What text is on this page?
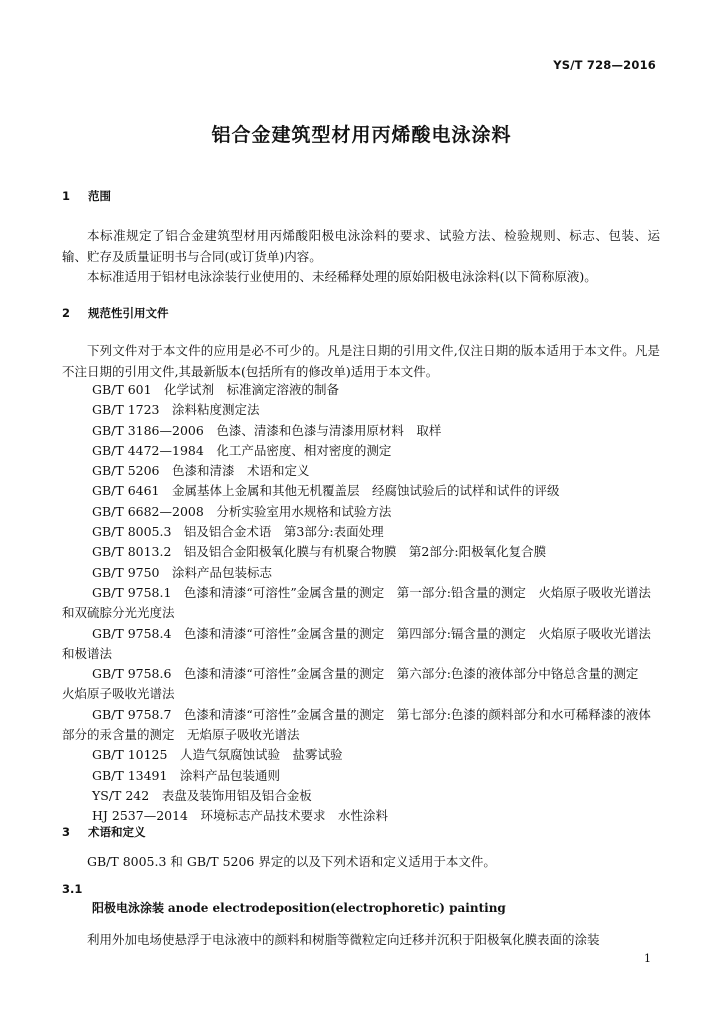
YS/T 728—2016
铝合金建筑型材用丙烯酸电泳涂料
1 范围

本标准规定了铝合金建筑型材用丙烯酸阳极电泳涂料的要求、试验方法、检验规则、标志、包装、运输、贮存及质量证明书与合同(或订货单)内容。

本标准适用于铝材电泳涂装行业使用的、未经稀释处理的原始阳极电泳涂料(以下简称原液)。

2 规范性引用文件

下列文件对于本文件的应用是必不可少的。凡是注日期的引用文件,仅注日期的版本适用于本文件。凡是不注日期的引用文件,其最新版本(包括所有的修改单)适用于本文件。

GB/T 601　化学试剂　标准滴定溶液的制备
GB/T 1723　涂料粘度测定法
GB/T 3186—2006　色漆、清漆和色漆与清漆用原材料　取样
GB/T 4472—1984　化工产品密度、相对密度的测定
GB/T 5206　色漆和清漆　术语和定义
GB/T 6461　金属基体上金属和其他无机覆盖层　经腐蚀试验后的试样和试件的评级
GB/T 6682—2008　分析实验室用水规格和试验方法
GB/T 8005.3　铝及铝合金术语　第3部分:表面处理
GB/T 8013.2　铝及铝合金阳极氧化膜与有机聚合物膜　第2部分:阳极氧化复合膜
GB/T 9750　涂料产品包装标志
GB/T 9758.1　色漆和清漆“可溶性”金属含量的测定　第一部分:铅含量的测定　火焰原子吸收光谱法和双硫腙分光光度法
GB/T 9758.4　色漆和清漆“可溶性”金属含量的测定　第四部分:镉含量的测定　火焰原子吸收光谱法和极谱法
GB/T 9758.6　色漆和清漆“可溶性”金属含量的测定　第六部分:色漆的液体部分中铬总含量的测定　火焰原子吸收光谱法
GB/T 9758.7　色漆和清漆“可溶性”金属含量的测定　第七部分:色漆的颜料部分和水可稀释漆的液体部分的汞含量的测定　无焰原子吸收光谱法
GB/T 10125　人造气氛腐蚀试验　盐雾试验
GB/T 13491　涂料产品包装通则
YS/T 242　表盘及装饰用铝及铝合金板
HJ 2537—2014　环境标志产品技术要求　水性涂料
3 术语和定义

GB/T 8005.3 和 GB/T 5206 界定的以及下列术语和定义适用于本文件。

3.1
阳极电泳涂装 anode electrodeposition(electrophoretic) painting

利用外加电场使悬浮于电泳液中的颜料和树脂等微粒定向迁移并沉积于阳极氧化膜表面的涂装

1
